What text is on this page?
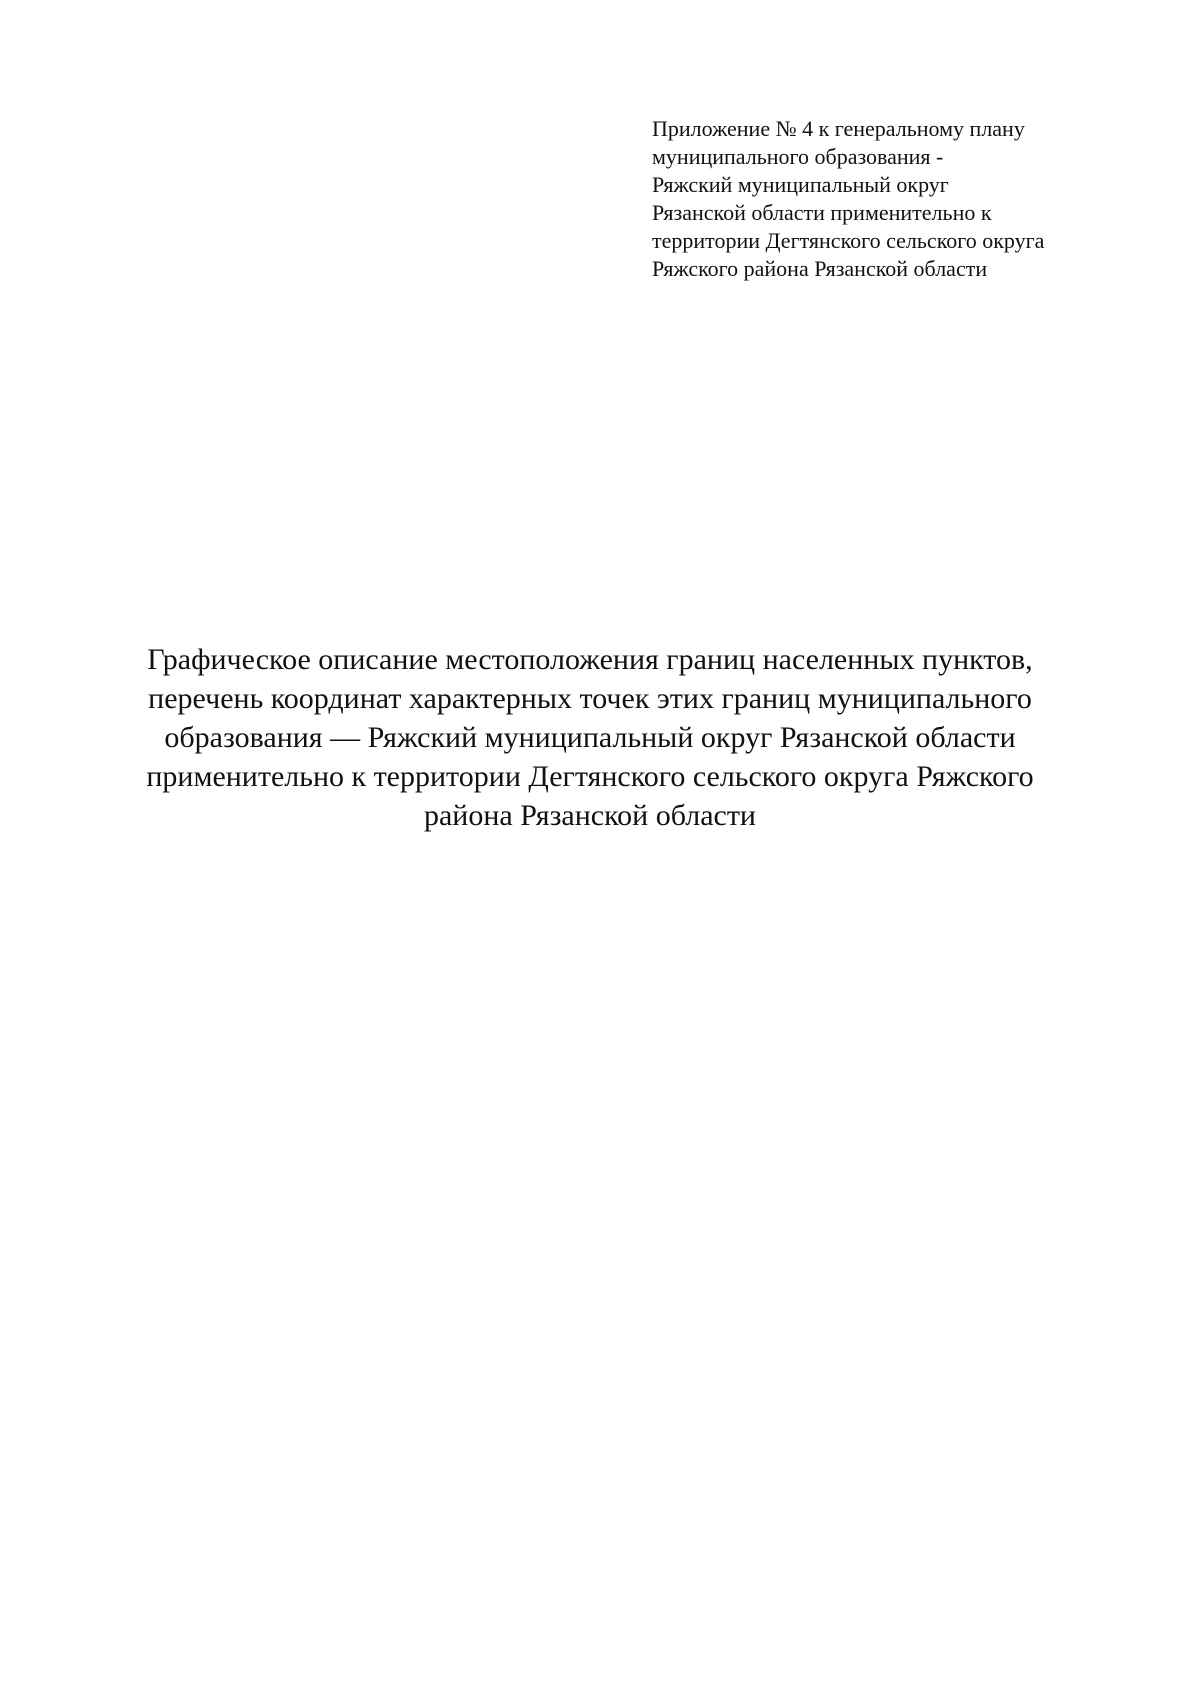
Приложение № 4 к генеральному плану
муниципального образования -
Ряжский муниципальный округ
Рязанской области применительно к
территории Дегтянского сельского округа
Ряжского района Рязанской области
Графическое описание местоположения границ населенных пунктов,
перечень координат характерных точек этих границ муниципального
образования — Ряжский муниципальный округ Рязанской области
применительно к территории Дегтянского сельского округа Ряжского
района Рязанской области
